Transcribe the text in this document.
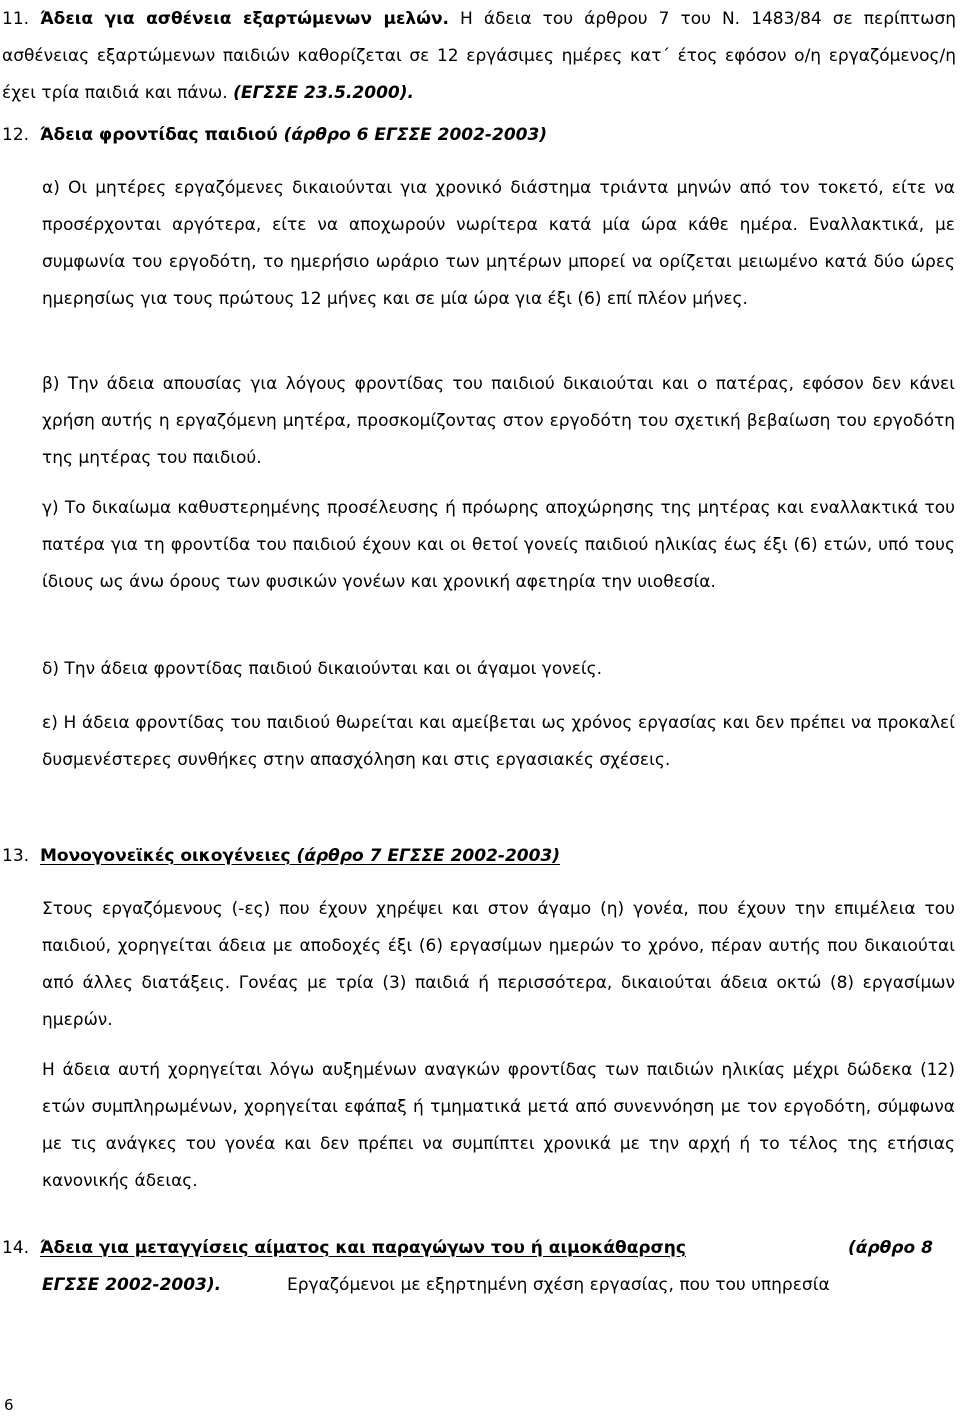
11. Άδεια για ασθένεια εξαρτώμενων μελών. Η άδεια του άρθρου 7 του Ν. 1483/84 σε περίπτωση ασθένειας εξαρτώμενων παιδιών καθορίζεται σε 12 εργάσιμες ημέρες κατ΄ έτος εφόσον ο/η εργαζόμενος/η έχει τρία παιδιά και πάνω. (ΕΓΣΣΕ 23.5.2000).
12. Άδεια φροντίδας παιδιού (άρθρο 6 ΕΓΣΣΕ 2002-2003)
α) Οι μητέρες εργαζόμενες δικαιούνται για χρονικό διάστημα τριάντα μηνών από τον τοκετό, είτε να προσέρχονται αργότερα, είτε να αποχωρούν νωρίτερα κατά μία ώρα κάθε ημέρα. Εναλλακτικά, με συμφωνία του εργοδότη, το ημερήσιο ωράριο των μητέρων μπορεί να ορίζεται μειωμένο κατά δύο ώρες ημερησίως για τους πρώτους 12 μήνες και σε μία ώρα για έξι (6) επί πλέον μήνες.
β) Την άδεια απουσίας για λόγους φροντίδας του παιδιού δικαιούται και ο πατέρας, εφόσον δεν κάνει χρήση αυτής η εργαζόμενη μητέρα, προσκομίζοντας στον εργοδότη του σχετική βεβαίωση του εργοδότη της μητέρας του παιδιού.
γ) Το δικαίωμα καθυστερημένης προσέλευσης ή πρόωρης αποχώρησης της μητέρας και εναλλακτικά του πατέρα για τη φροντίδα του παιδιού έχουν και οι θετοί γονείς παιδιού ηλικίας έως έξι (6) ετών, υπό τους ίδιους ως άνω όρους των φυσικών γονέων και χρονική αφετηρία την υιοθεσία.
δ) Την άδεια φροντίδας παιδιού δικαιούνται και οι άγαμοι γονείς.
ε) Η άδεια φροντίδας του παιδιού θωρείται και αμείβεται ως χρόνος εργασίας και δεν πρέπει να προκαλεί δυσμενέστερες συνθήκες στην απασχόληση και στις εργασιακές σχέσεις.
13. Μονογονεϊκές οικογένειες (άρθρο 7 ΕΓΣΣΕ 2002-2003)
Στους εργαζόμενους (-ες) που έχουν χηρέψει και στον άγαμο (η) γονέα, που έχουν την επιμέλεια του παιδιού, χορηγείται άδεια με αποδοχές έξι (6) εργασίμων ημερών το χρόνο, πέραν αυτής που δικαιούται από άλλες διατάξεις. Γονέας με τρία (3) παιδιά ή περισσότερα, δικαιούται άδεια οκτώ (8) εργασίμων ημερών.
Η άδεια αυτή χορηγείται λόγω αυξημένων αναγκών φροντίδας των παιδιών ηλικίας μέχρι δώδεκα (12) ετών συμπληρωμένων, χορηγείται εφάπαξ ή τμηματικά μετά από συνεννόηση με τον εργοδότη, σύμφωνα με τις ανάγκες του γονέα και δεν πρέπει να συμπίπτει χρονικά με την αρχή ή το τέλος της ετήσιας κανονικής άδειας.
14. Άδεια για μεταγγίσεις αίματος και παραγώγων του ή αιμοκάθαρσης	(άρθρο 8
ΕΓΣΣΕ 2002-2003).	Εργαζόμενοι με εξηρτημένη σχέση εργασίας, που του υπηρεσία
6
